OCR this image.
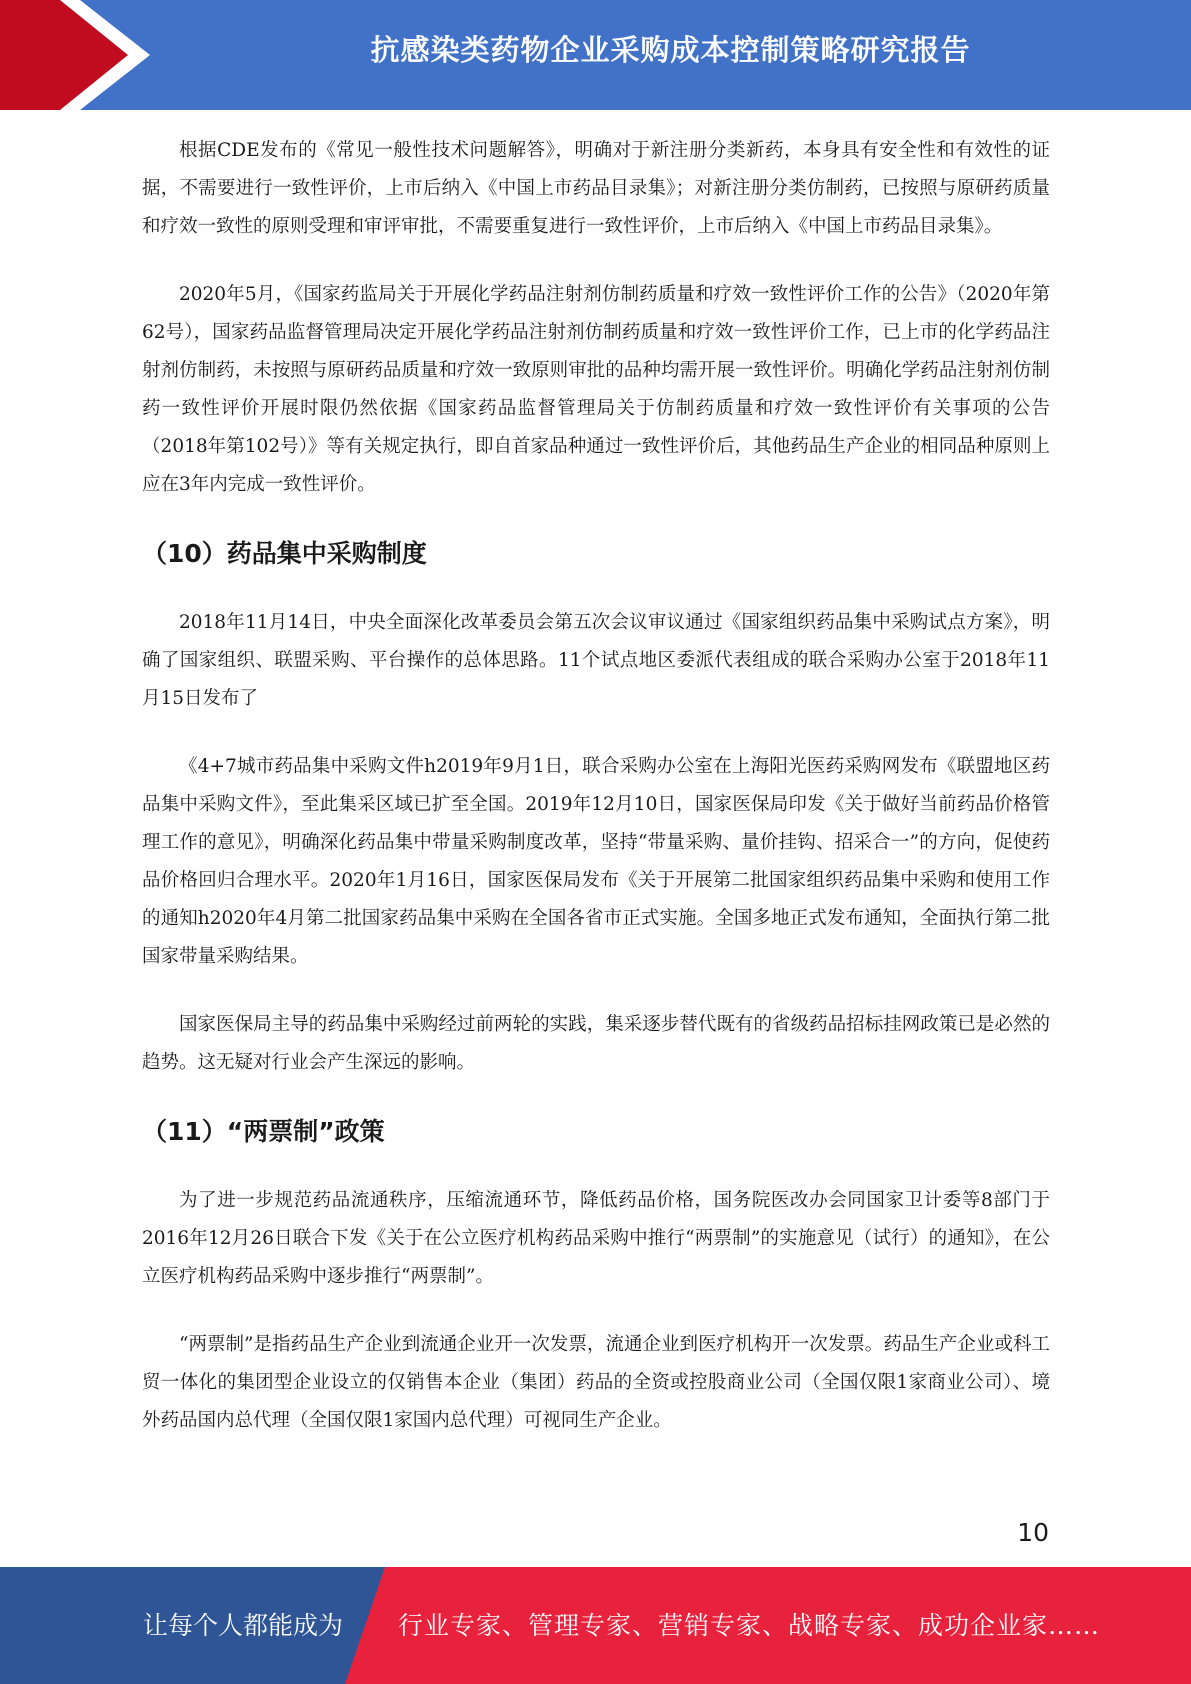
抗感染类药物企业采购成本控制策略研究报告

根据CDE发布的《常见一般性技术问题解答》，明确对于新注册分类新药，本身具有安全性和有效性的证据，不需要进行一致性评价，上市后纳入《中国上市药品目录集》；对新注册分类仿制药，已按照与原研药质量和疗效一致性的原则受理和审评审批，不需要重复进行一致性评价，上市后纳入《中国上市药品目录集》。

2020年5月，《国家药监局关于开展化学药品注射剂仿制药质量和疗效一致性评价工作的公告》（2020年第62号），国家药品监督管理局决定开展化学药品注射剂仿制药质量和疗效一致性评价工作，已上市的化学药品注射剂仿制药，未按照与原研药品质量和疗效一致原则审批的品种均需开展一致性评价。明确化学药品注射剂仿制药一致性评价开展时限仍然依据《国家药品监督管理局关于仿制药质量和疗效一致性评价有关事项的公告（2018年第102号）》等有关规定执行，即自首家品种通过一致性评价后，其他药品生产企业的相同品种原则上应在3年内完成一致性评价。

（10）药品集中采购制度

2018年11月14日，中央全面深化改革委员会第五次会议审议通过《国家组织药品集中采购试点方案》，明确了国家组织、联盟采购、平台操作的总体思路。11个试点地区委派代表组成的联合采购办公室于2018年11月15日发布了

《4+7城市药品集中采购文件h2019年9月1日，联合采购办公室在上海阳光医药采购网发布《联盟地区药品集中采购文件》，至此集采区域已扩至全国。2019年12月10日，国家医保局印发《关于做好当前药品价格管理工作的意见》，明确深化药品集中带量采购制度改革，坚持“带量采购、量价挂钩、招采合一”的方向，促使药品价格回归合理水平。2020年1月16日，国家医保局发布《关于开展第二批国家组织药品集中采购和使用工作的通知h2020年4月第二批国家药品集中采购在全国各省市正式实施。全国多地正式发布通知，全面执行第二批国家带量采购结果。

国家医保局主导的药品集中采购经过前两轮的实践，集采逐步替代既有的省级药品招标挂网政策已是必然的趋势。这无疑对行业会产生深远的影响。

（11）“两票制”政策

为了进一步规范药品流通秩序，压缩流通环节，降低药品价格，国务院医改办会同国家卫计委等8部门于2016年12月26日联合下发《关于在公立医疗机构药品采购中推行“两票制”的实施意见（试行）的通知》，在公立医疗机构药品采购中逐步推行“两票制”。

“两票制”是指药品生产企业到流通企业开一次发票，流通企业到医疗机构开一次发票。药品生产企业或科工贸一体化的集团型企业设立的仅销售本企业（集团）药品的全资或控股商业公司（全国仅限1家商业公司）、境外药品国内总代理（全国仅限1家国内总代理）可视同生产企业。

10
让每个人都能成为 行业专家、管理专家、营销专家、战略专家、成功企业家……
